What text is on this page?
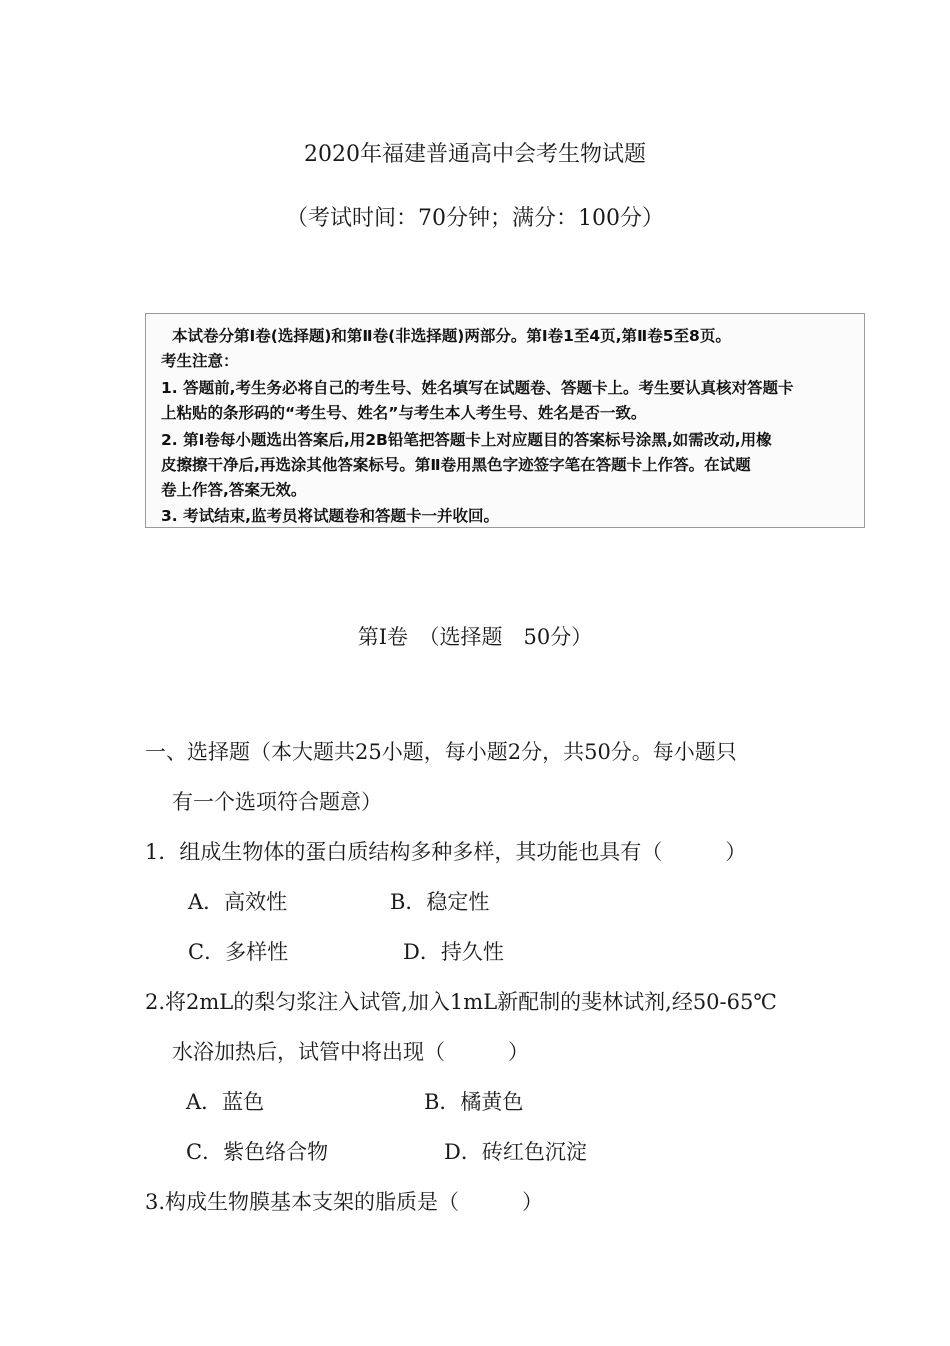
2020年福建普通高中会考生物试题
（考试时间：70分钟；满分：100分）
本试卷分第Ⅰ卷(选择题)和第Ⅱ卷(非选择题)两部分。第Ⅰ卷1至4页,第Ⅱ卷5至8页。
考生注意：
1. 答题前,考生务必将自己的考生号、姓名填写在试题卷、答题卡上。考生要认真核对答题卡
上粘贴的条形码的“考生号、姓名”与考生本人考生号、姓名是否一致。
2. 第Ⅰ卷每小题选出答案后,用2B铅笔把答题卡上对应题目的答案标号涂黑,如需改动,用橡
皮擦擦干净后,再选涂其他答案标号。第Ⅱ卷用黑色字迹签字笔在答题卡上作答。在试题
卷上作答,答案无效。
3. 考试结束,监考员将试题卷和答题卡一并收回。
第Ⅰ卷　（选择题　50分）
一、选择题（本大题共25小题，每小题2分，共50分。每小题只
有一个选项符合题意）
1．组成生物体的蛋白质结构多种多样，其功能也具有（　　　）
A．高效性	B．稳定性
C．多样性	D．持久性
2.将2mL的梨匀浆注入试管,加入1mL新配制的斐林试剂,经50-65℃
水浴加热后，试管中将出现（　　　）
A．蓝色	B．橘黄色
C．紫色络合物	D．砖红色沉淀
3.构成生物膜基本支架的脂质是（　　　）
